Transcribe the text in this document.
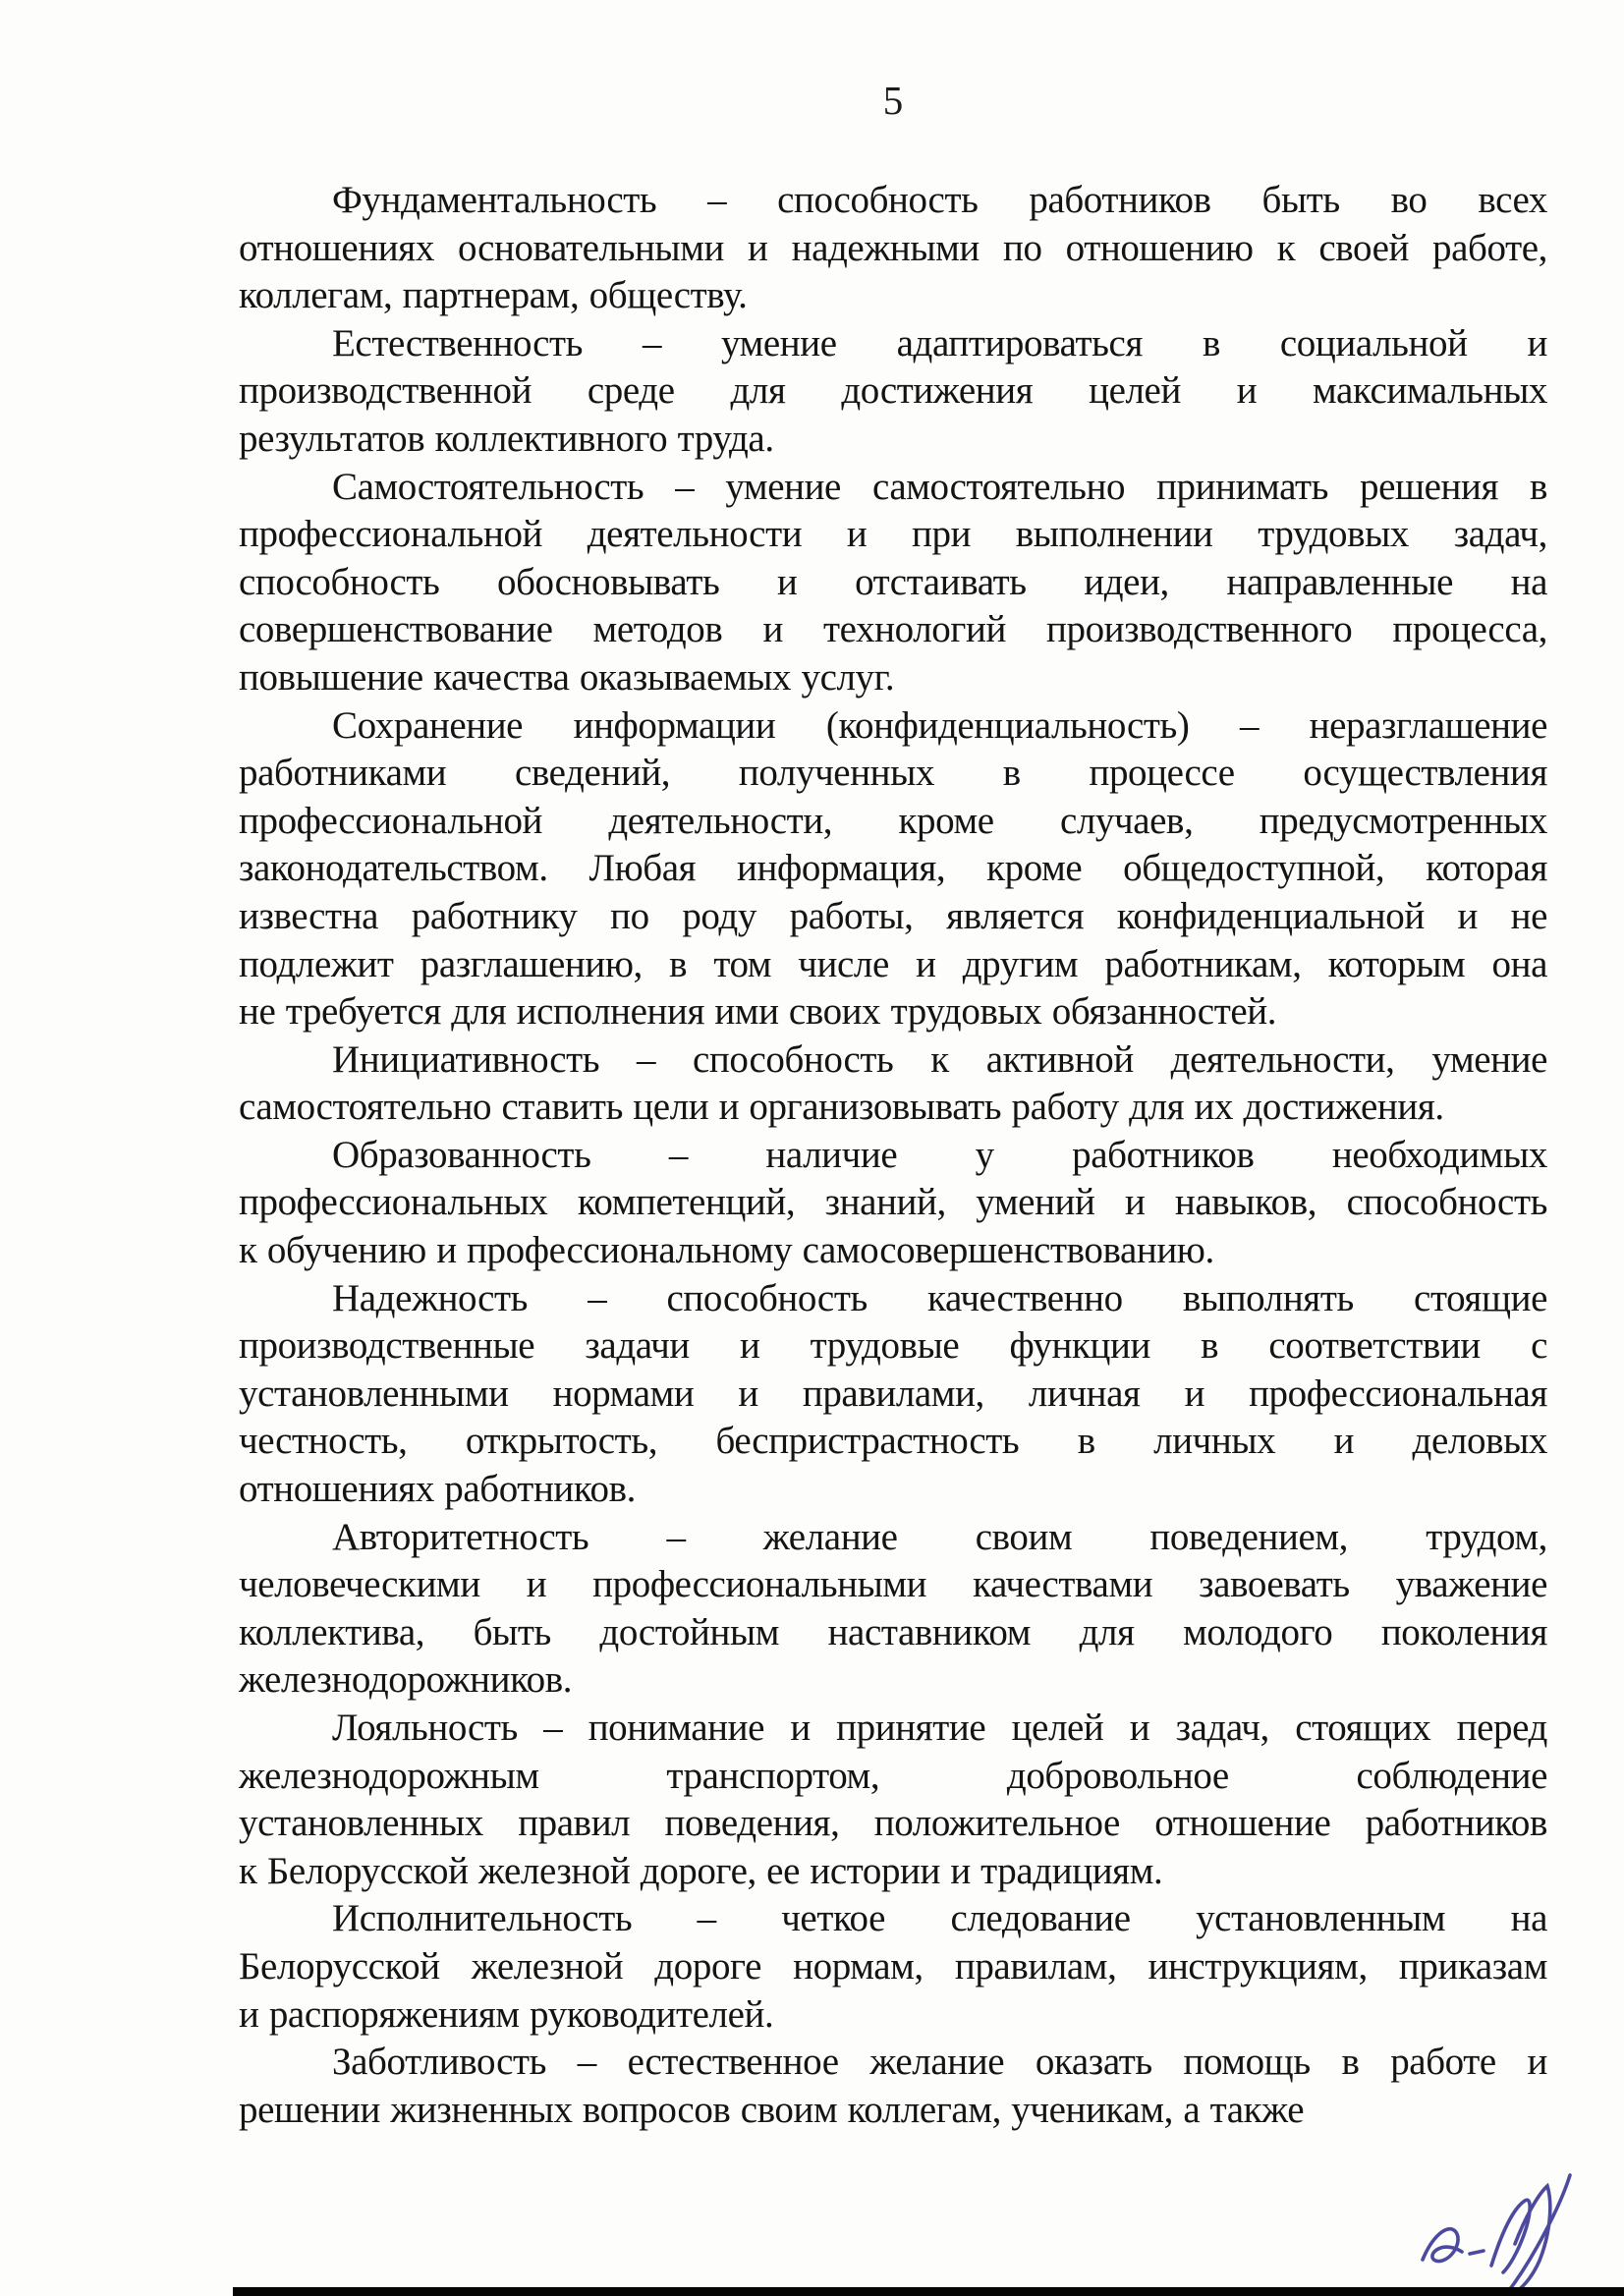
5
Фундаментальность – способность работников быть во всех
отношениях основательными и надежными по отношению к своей работе,
коллегам, партнерам, обществу.
Естественность – умение адаптироваться в социальной и
производственной среде для достижения целей и максимальных
результатов коллективного труда.
Самостоятельность – умение самостоятельно принимать решения в
профессиональной деятельности и при выполнении трудовых задач,
способность обосновывать и отстаивать идеи, направленные на
совершенствование методов и технологий производственного процесса,
повышение качества оказываемых услуг.
Сохранение информации (конфиденциальность) – неразглашение
работниками сведений, полученных в процессе осуществления
профессиональной деятельности, кроме случаев, предусмотренных
законодательством. Любая информация, кроме общедоступной, которая
известна работнику по роду работы, является конфиденциальной и не
подлежит разглашению, в том числе и другим работникам, которым она
не требуется для исполнения ими своих трудовых обязанностей.
Инициативность – способность к активной деятельности, умение
самостоятельно ставить цели и организовывать работу для их достижения.
Образованность – наличие у работников необходимых
профессиональных компетенций, знаний, умений и навыков, способность
к обучению и профессиональному самосовершенствованию.
Надежность – способность качественно выполнять стоящие
производственные задачи и трудовые функции в соответствии с
установленными нормами и правилами, личная и профессиональная
честность, открытость, беспристрастность в личных и деловых
отношениях работников.
Авторитетность – желание своим поведением, трудом,
человеческими и профессиональными качествами завоевать уважение
коллектива, быть достойным наставником для молодого поколения
железнодорожников.
Лояльность – понимание и принятие целей и задач, стоящих перед
железнодорожным транспортом, добровольное соблюдение
установленных правил поведения, положительное отношение работников
к Белорусской железной дороге, ее истории и традициям.
Исполнительность – четкое следование установленным на
Белорусской железной дороге нормам, правилам, инструкциям, приказам
и распоряжениям руководителей.
Заботливость – естественное желание оказать помощь в работе и
решении жизненных вопросов своим коллегам, ученикам, а также
